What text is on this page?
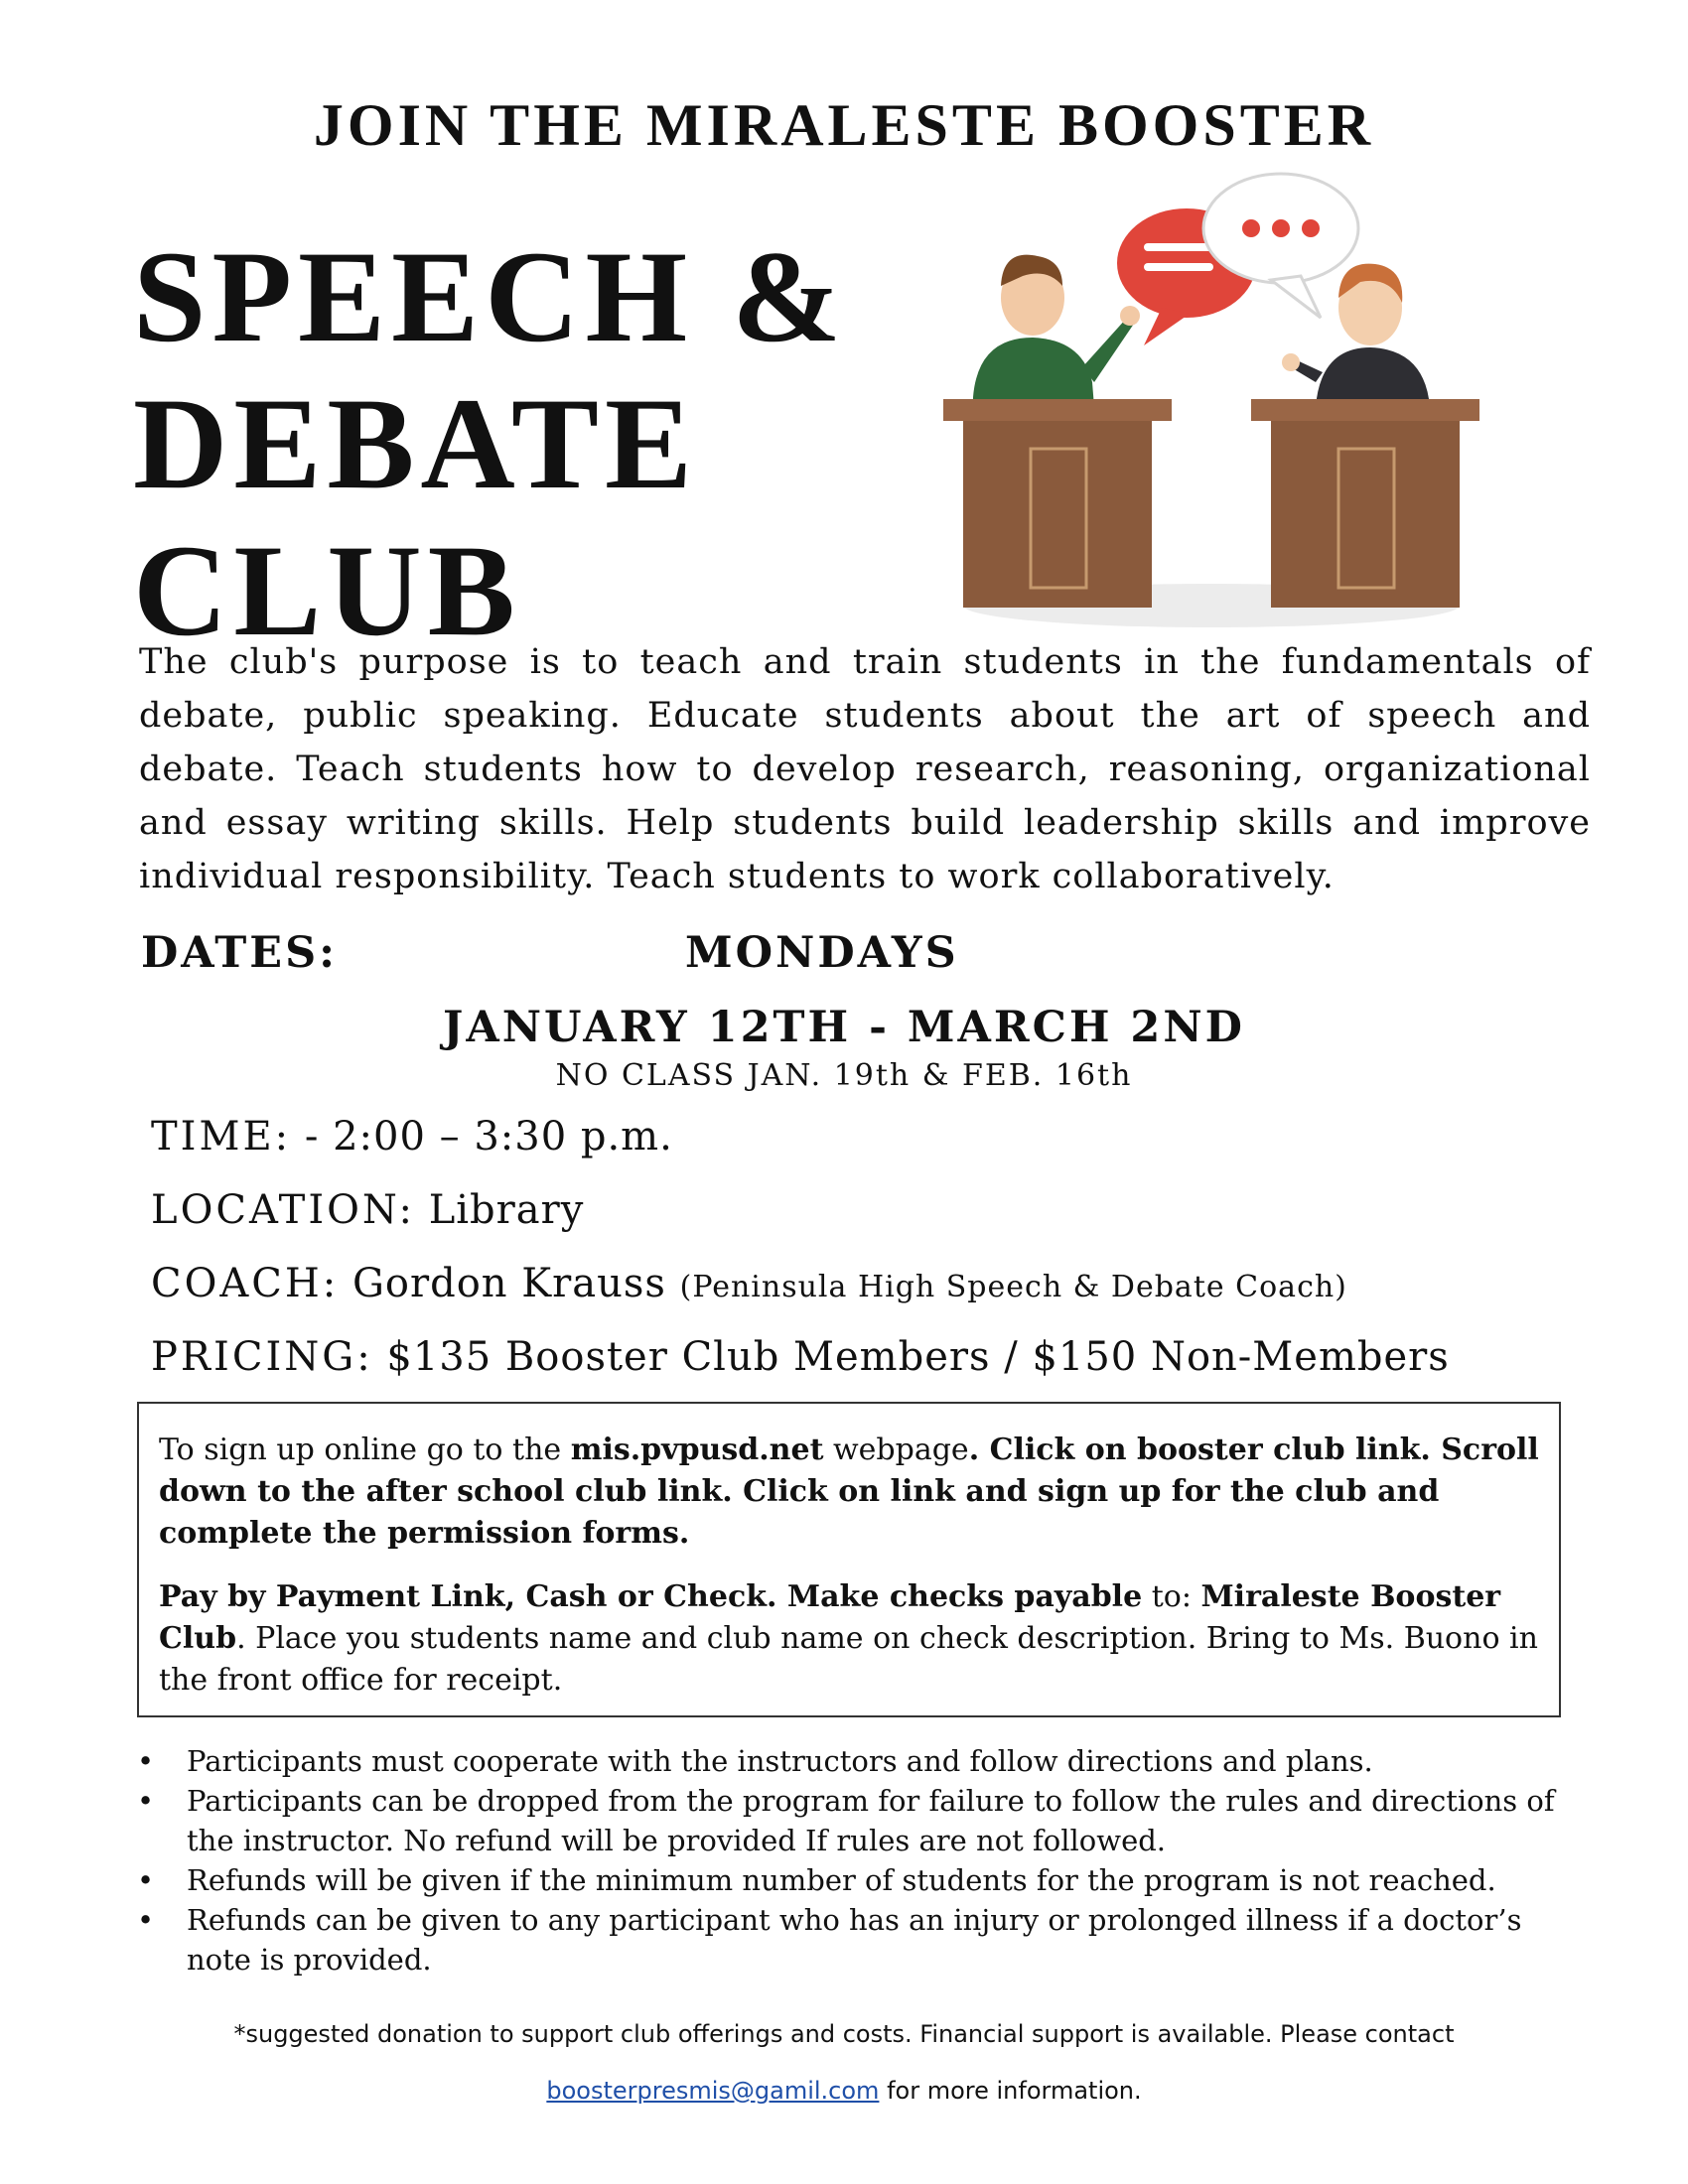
JOIN THE MIRALESTE BOOSTER
SPEECH &
DEBATE
CLUB
The club's purpose is to teach and train students in the fundamentals of debate, public speaking. Educate students about the art of speech and debate. Teach students how to develop research, reasoning, organizational and essay writing skills. Help students build leadership skills and improve individual responsibility. Teach students to work collaboratively.
DATES:	MONDAYS
JANUARY 12TH - MARCH 2ND
NO CLASS JAN. 19th & FEB. 16th
TIME: - 2:00 – 3:30 p.m.
LOCATION: Library
COACH: Gordon Krauss (Peninsula High Speech & Debate Coach)
PRICING: $135 Booster Club Members / $150 Non-Members

To sign up online go to the mis.pvpusd.net webpage. Click on booster club link. Scroll down to the after school club link. Click on link and sign up for the club and complete the permission forms.

Pay by Payment Link, Cash or Check. Make checks payable to: Miraleste Booster Club. Place you students name and club name on check description. Bring to Ms. Buono in the front office for receipt.

• Participants must cooperate with the instructors and follow directions and plans.
• Participants can be dropped from the program for failure to follow the rules and directions of the instructor. No refund will be provided If rules are not followed.
• Refunds will be given if the minimum number of students for the program is not reached.
• Refunds can be given to any participant who has an injury or prolonged illness if a doctor’s note is provided.
*suggested donation to support club offerings and costs. Financial support is available. Please contact
boosterpresmis@gamil.com for more information.
